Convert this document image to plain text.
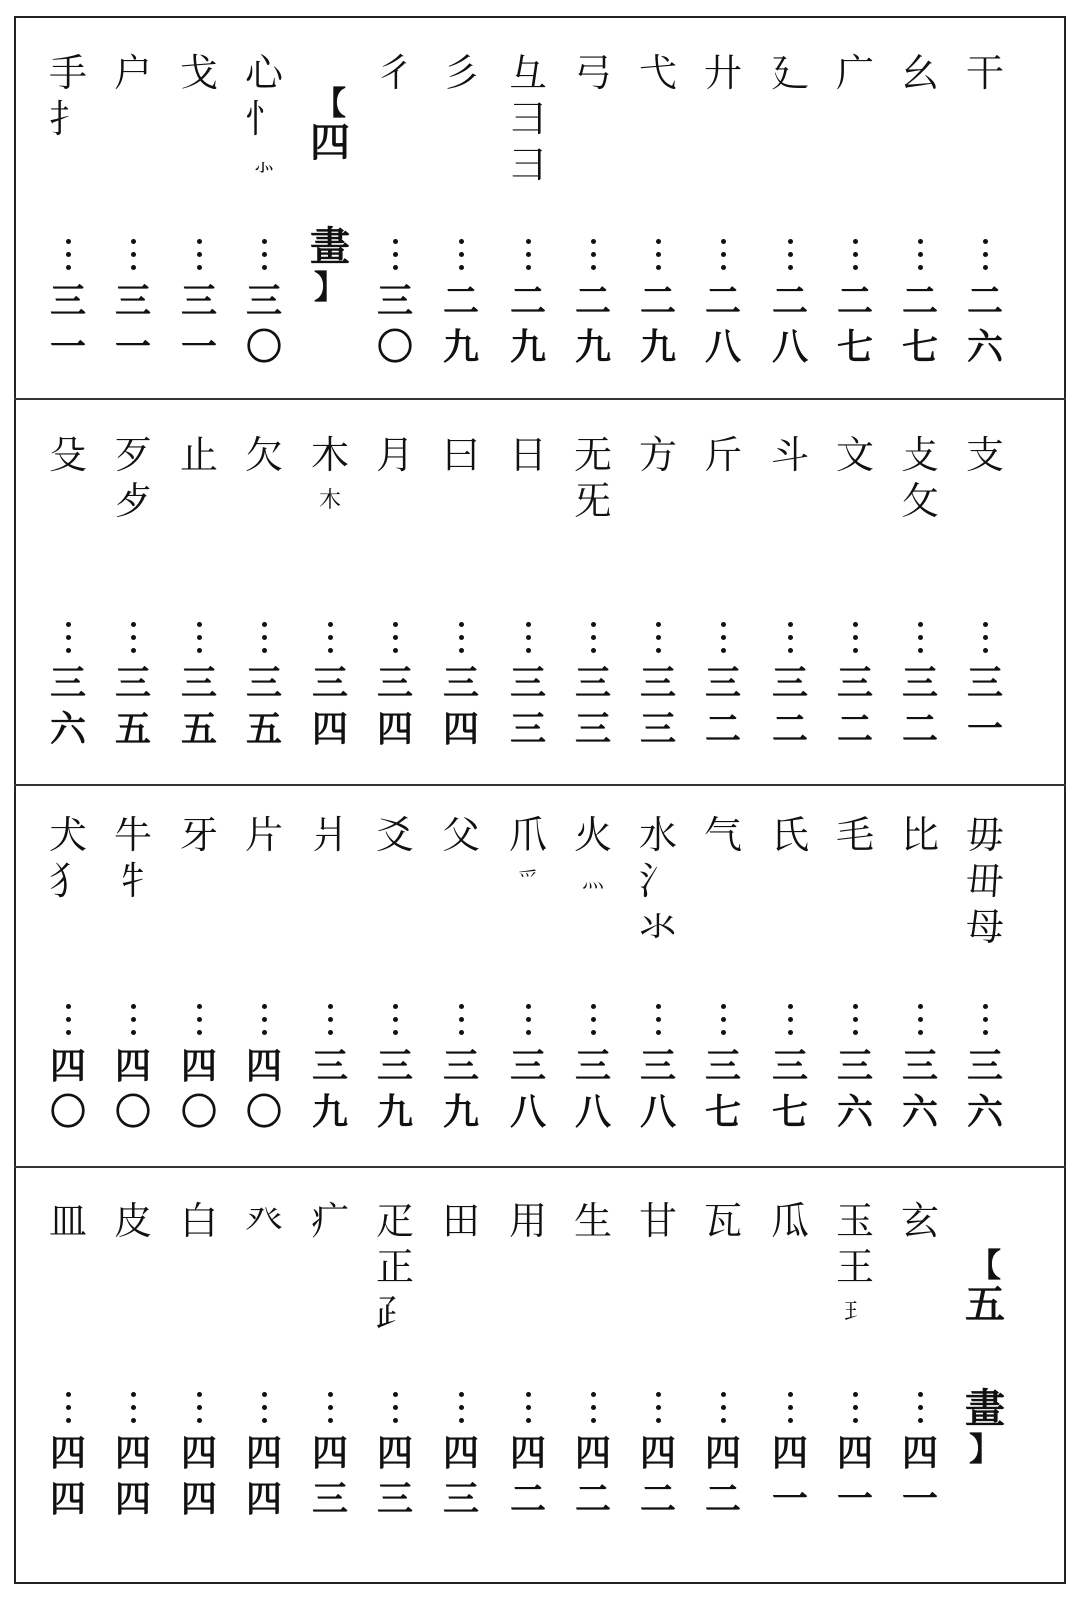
干
二
六
幺
二
七
广
二
七
廴
二
八
廾
二
八
弋
二
九
弓
二
九
彑
彐
⺕
二
九
彡
二
九
彳
三
〇
【
四
畫
】
心
忄
⺗
三
〇
戈
三
一
户
三
一
手
扌
三
一
支
三
一
攴
攵
三
二
文
三
二
斗
三
二
斤
三
二
方
三
三
无
旡
三
三
日
三
三
曰
三
四
月
三
四
木
⽊
三
四
欠
三
五
止
三
五
歹
歺
三
五
殳
三
六
毋
毌
母
三
六
比
三
六
毛
三
六
氏
三
七
气
三
七
水
氵
氺
三
八
火
灬
三
八
爪
爫
三
八
父
三
九
爻
三
九
爿
三
九
片
四
〇
牙
四
〇
牛
牜
四
〇
犬
犭
四
〇
【
五
畫
】
玄
四
一
玉
王
⺩
四
一
瓜
四
一
瓦
四
二
甘
四
二
生
四
二
用
四
二
田
四
三
疋
正
⺪
四
三
疒
四
三
癶
四
四
白
四
四
皮
四
四
皿
四
四
